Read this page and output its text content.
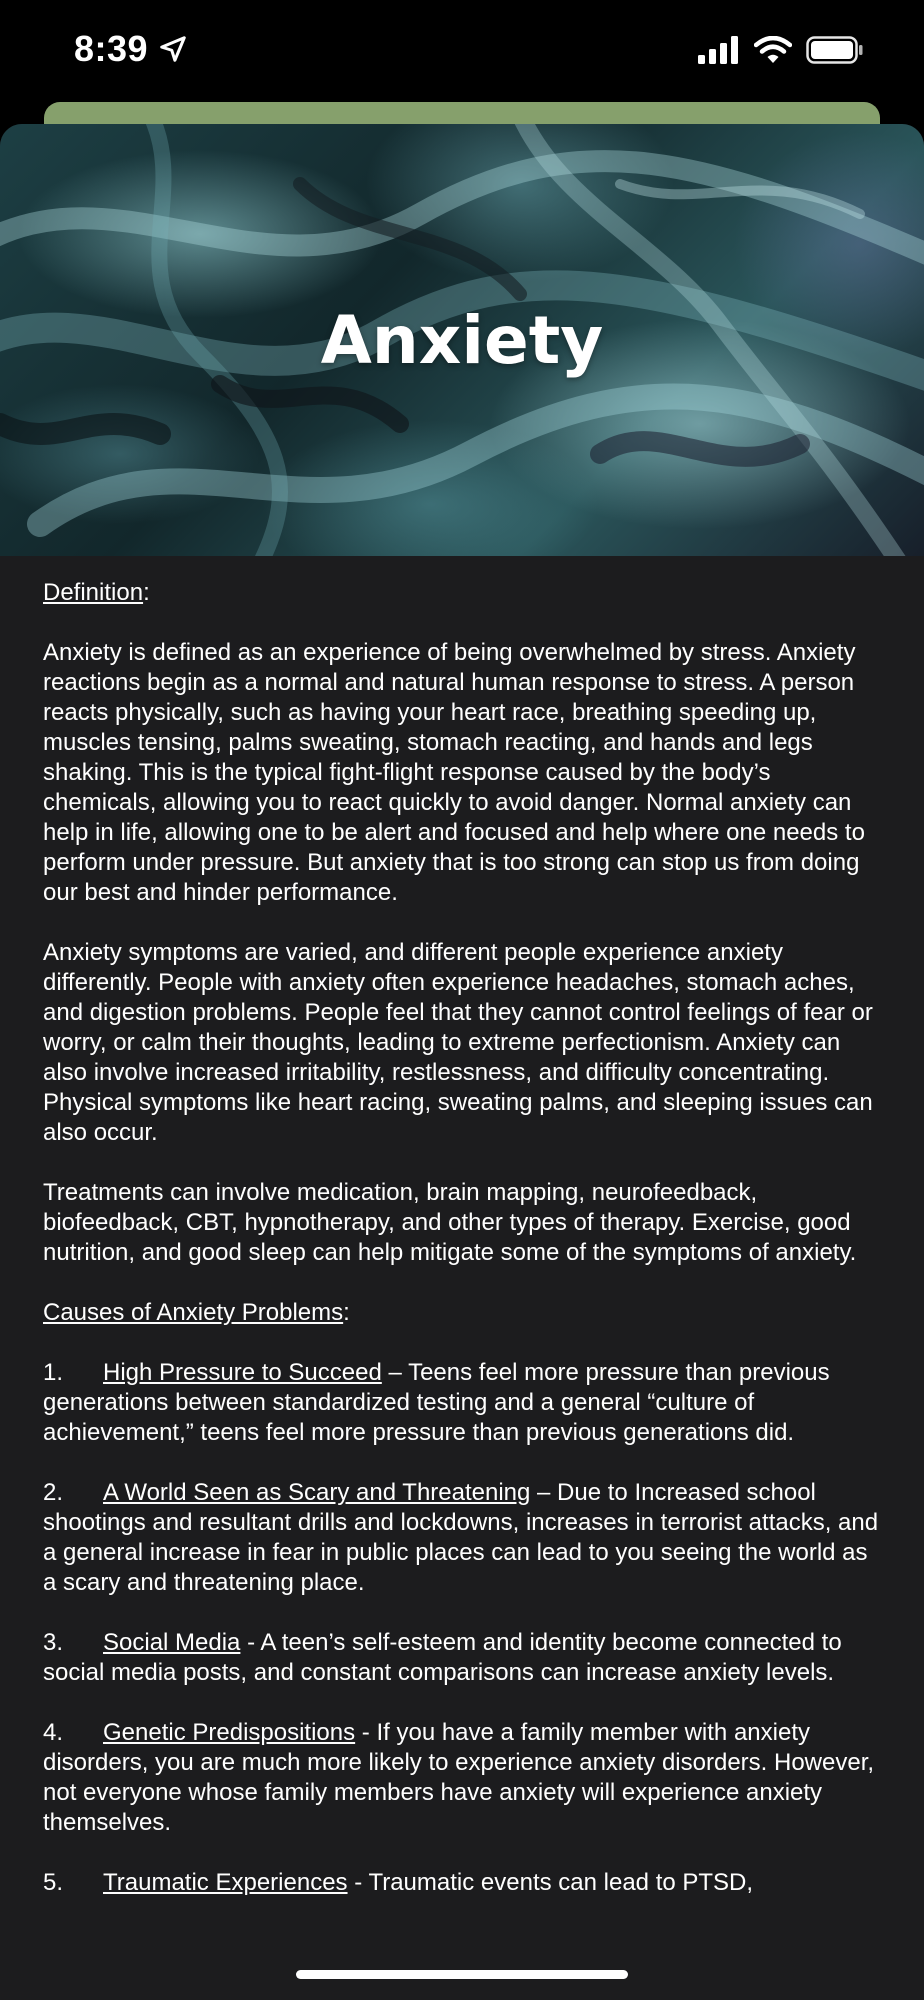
8:39
Anxiety

Definition:

Anxiety is defined as an experience of being overwhelmed by stress. Anxiety reactions begin as a normal and natural human response to stress. A person reacts physically, such as having your heart race, breathing speeding up, muscles tensing, palms sweating, stomach reacting, and hands and legs shaking. This is the typical fight-flight response caused by the body’s chemicals, allowing you to react quickly to avoid danger. Normal anxiety can help in life, allowing one to be alert and focused and help where one needs to perform under pressure. But anxiety that is too strong can stop us from doing our best and hinder performance.

Anxiety symptoms are varied, and different people experience anxiety differently. People with anxiety often experience headaches, stomach aches, and digestion problems. People feel that they cannot control feelings of fear or worry, or calm their thoughts, leading to extreme perfectionism. Anxiety can also involve increased irritability, restlessness, and difficulty concentrating. Physical symptoms like heart racing, sweating palms, and sleeping issues can also occur.

Treatments can involve medication, brain mapping, neurofeedback, biofeedback, CBT, hypnotherapy, and other types of therapy. Exercise, good nutrition, and good sleep can help mitigate some of the symptoms of anxiety.

Causes of Anxiety Problems:

1. High Pressure to Succeed – Teens feel more pressure than previous generations between standardized testing and a general “culture of achievement,” teens feel more pressure than previous generations did.

2. A World Seen as Scary and Threatening – Due to Increased school shootings and resultant drills and lockdowns, increases in terrorist attacks, and a general increase in fear in public places can lead to you seeing the world as a scary and threatening place.

3. Social Media - A teen’s self-esteem and identity become connected to social media posts, and constant comparisons can increase anxiety levels.

4. Genetic Predispositions - If you have a family member with anxiety disorders, you are much more likely to experience anxiety disorders. However, not everyone whose family members have anxiety will experience anxiety themselves.

5. Traumatic Experiences - Traumatic events can lead to PTSD,
